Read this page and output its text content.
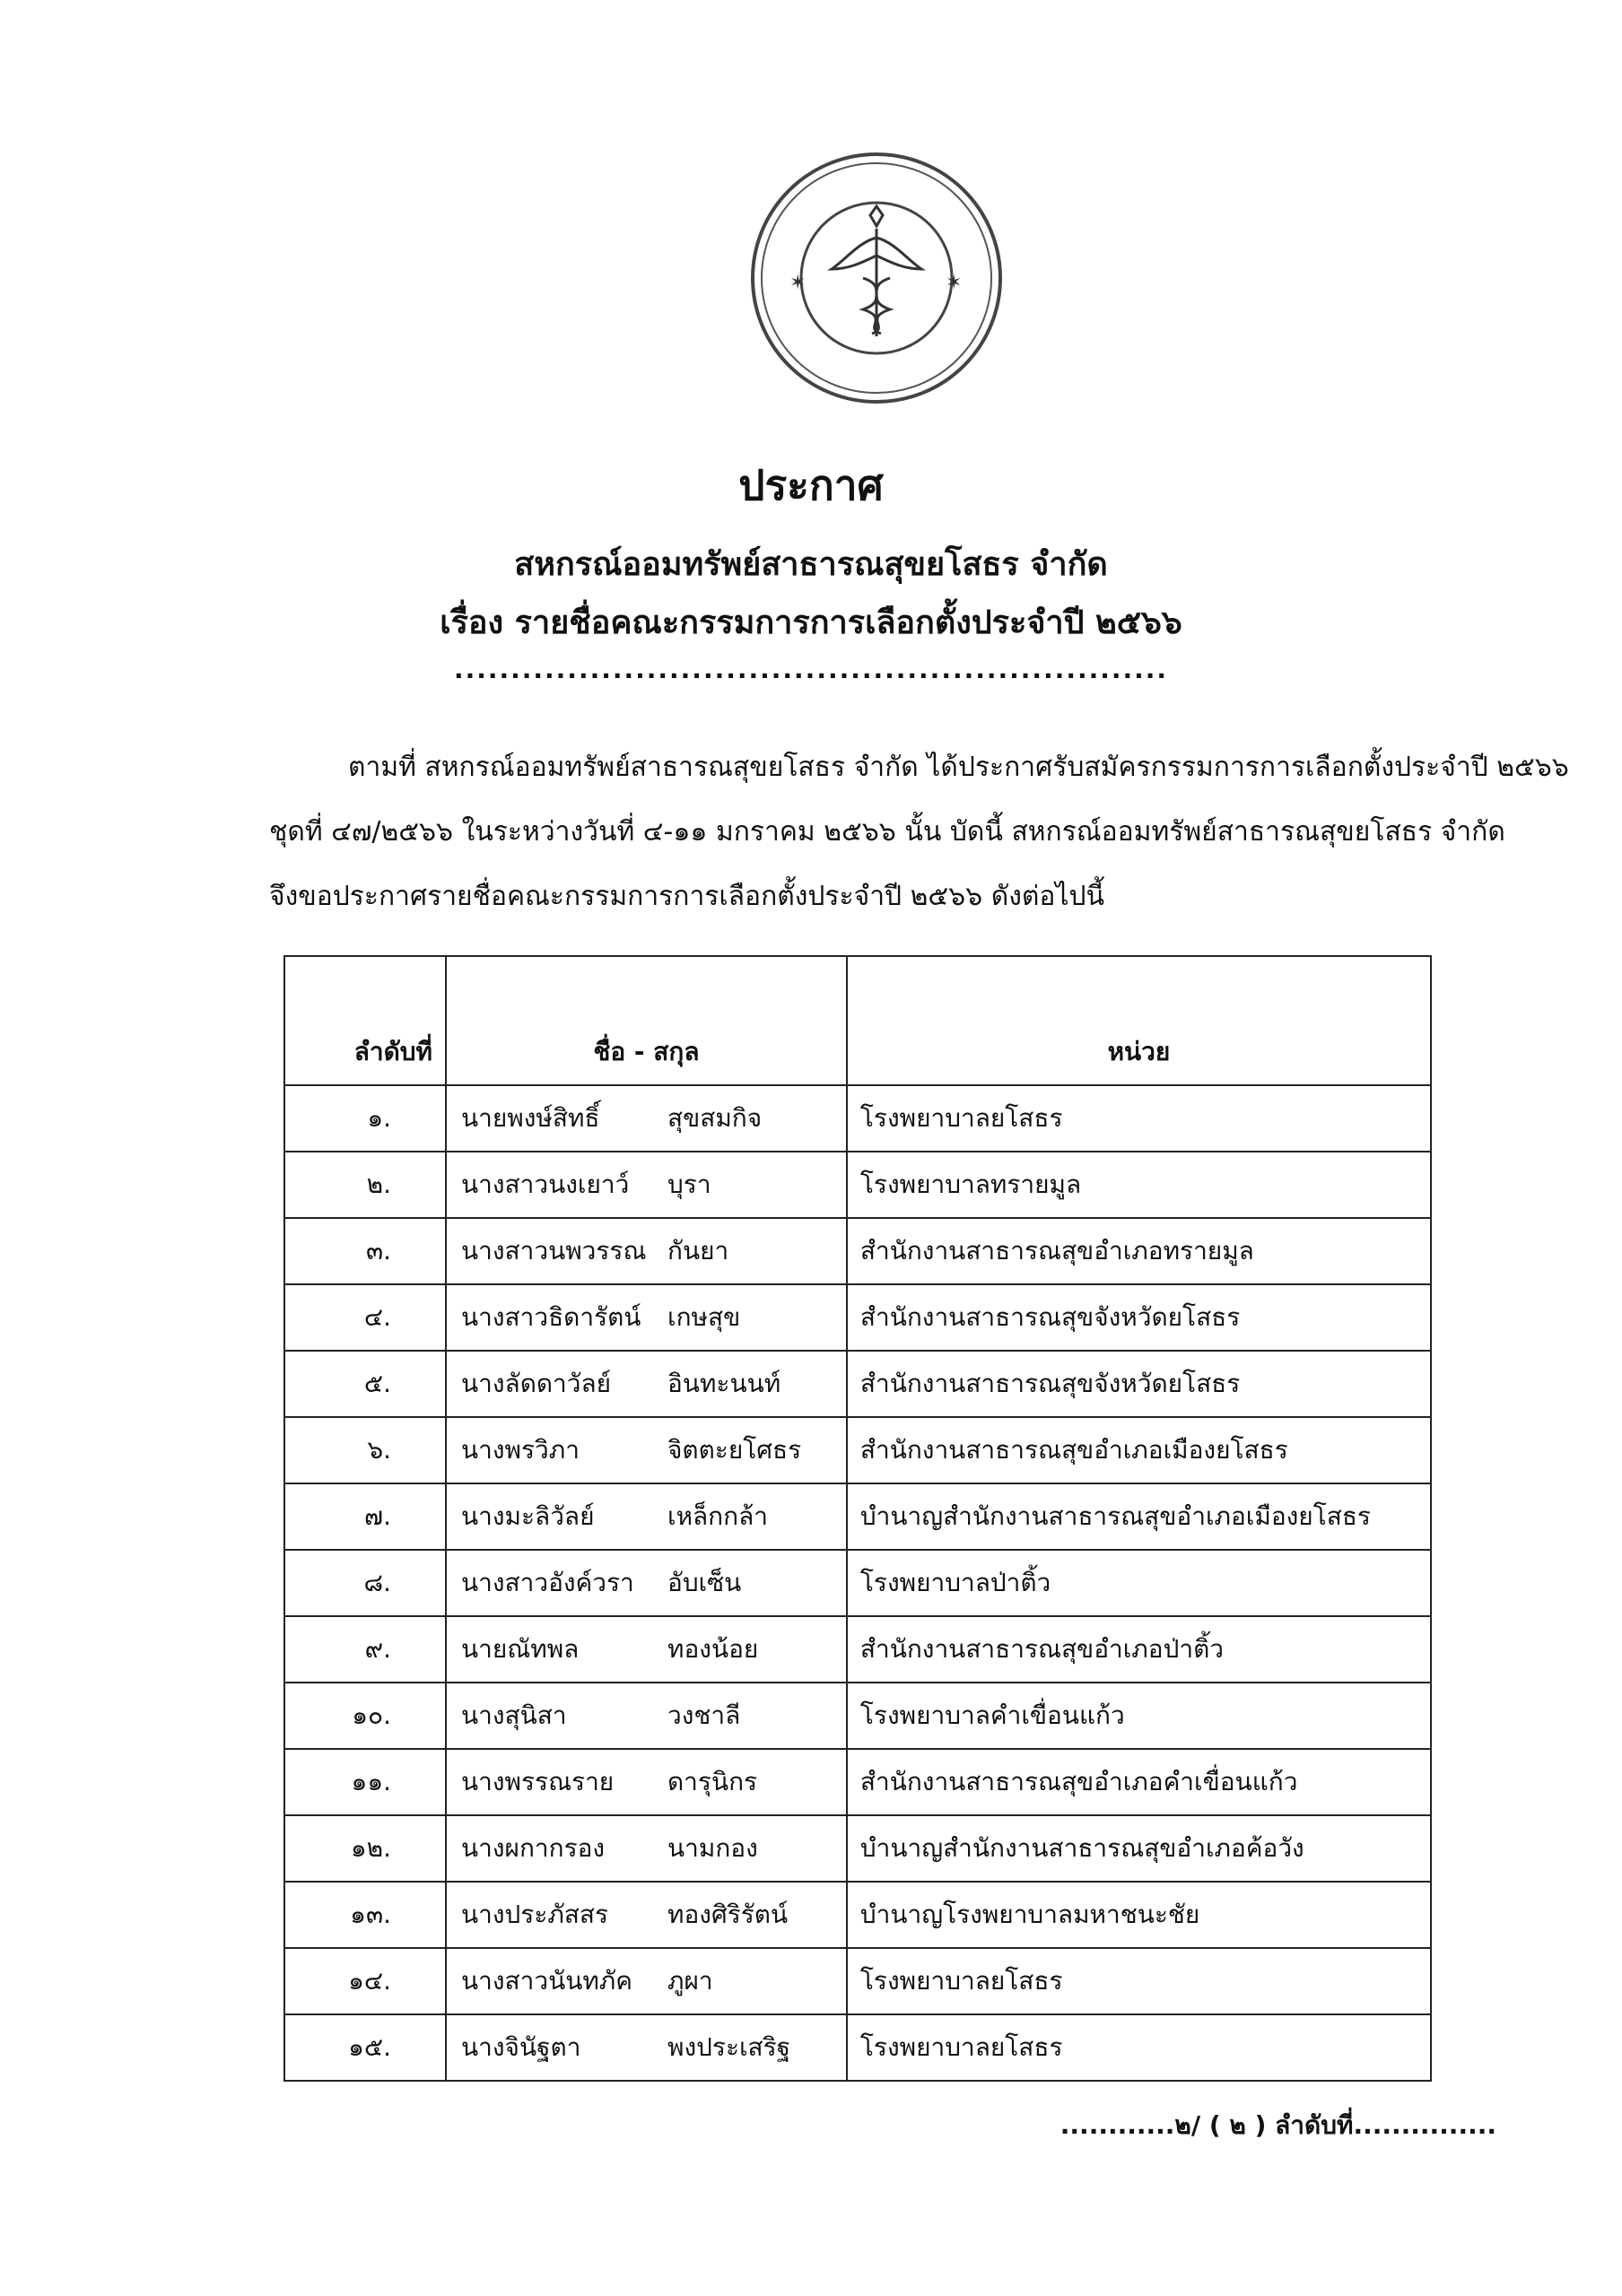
✶	✶
ประกาศ
สหกรณ์ออมทรัพย์สาธารณสุขยโสธร จำกัด
เรื่อง รายชื่อคณะกรรมการการเลือกตั้งประจำปี ๒๕๖๖
...............................................................

ตามที่ สหกรณ์ออมทรัพย์สาธารณสุขยโสธร จำกัด ได้ประกาศรับสมัครกรรมการการเลือกตั้งประจำปี ๒๕๖๖

ชุดที่ ๔๗/๒๕๖๖ ในระหว่างวันที่ ๔-๑๑ มกราคม ๒๕๖๖ นั้น บัดนี้ สหกรณ์ออมทรัพย์สาธารณสุขยโสธร จำกัด

จึงขอประกาศรายชื่อคณะกรรมการการเลือกตั้งประจำปี ๒๕๖๖ ดังต่อไปนี้

ลำดับที่	ชื่อ - สกุล	หน่วย
๑.	นายพงษ์สิทธิ์ สุขสมกิจ	โรงพยาบาลยโสธร
๒.	นางสาวนงเยาว์ บุรา	โรงพยาบาลทรายมูล
๓.	นางสาวนพวรรณ กันยา	สำนักงานสาธารณสุขอำเภอทรายมูล
๔.	นางสาวธิดารัตน์ เกษสุข	สำนักงานสาธารณสุขจังหวัดยโสธร
๕.	นางลัดดาวัลย์ อินทะนนท์	สำนักงานสาธารณสุขจังหวัดยโสธร
๖.	นางพรวิภา จิตตะยโศธร	สำนักงานสาธารณสุขอำเภอเมืองยโสธร
๗.	นางมะลิวัลย์ เหล็กกล้า	บำนาญสำนักงานสาธารณสุขอำเภอเมืองยโสธร
๘.	นางสาวอังค์วรา อับเซ็น	โรงพยาบาลป่าติ้ว
๙.	นายณัทพล ทองน้อย	สำนักงานสาธารณสุขอำเภอป่าติ้ว
๑๐.	นางสุนิสา วงชาลี	โรงพยาบาลคำเขื่อนแก้ว
๑๑.	นางพรรณราย ดารุนิกร	สำนักงานสาธารณสุขอำเภอคำเขื่อนแก้ว
๑๒.	นางผกากรอง นามกอง	บำนาญสำนักงานสาธารณสุขอำเภอค้อวัง
๑๓.	นางประภัสสร ทองศิริรัตน์	บำนาญโรงพยาบาลมหาชนะชัย
๑๔.	นางสาวนันทภัค ภูผา	โรงพยาบาลยโสธร
๑๕.	นางจินัฐตา พงประเสริฐ	โรงพยาบาลยโสธร
............๒/ ( ๒ ) ลำดับที่...............
